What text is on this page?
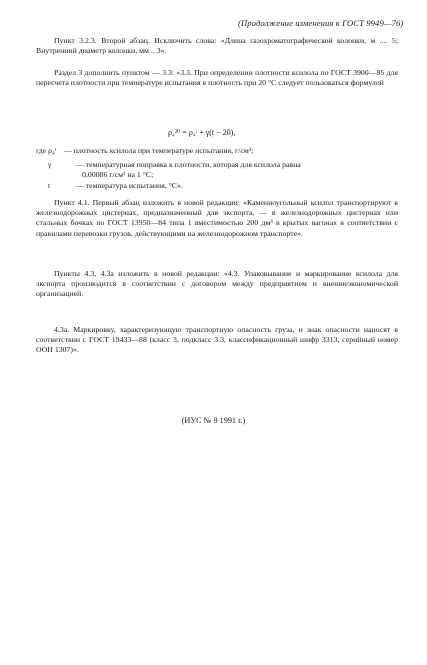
(Продолжение изменения к ГОСТ 9949—76)
Пункт 3.2.3. Второй абзац. Исключить слова: «Длина газохроматографической колонки, м .... 5; Внутренний диаметр колонки, мм .. 3».
Раздел 3 дополнить пунктом — 3.3: «3.3. При определении плотности ксилола по ГОСТ 3900—85 для пересчета плотности при температуре испытания в плотность при 20 °С следует пользоваться формулой
ρ₄²⁰ = ρ₄ᵗ + γ(t − 20),
где ρ₄ᵗ — плотность ксилола при температуре испытания, г/см³;
γ	— температурная поправка к плотности, которая для ксилола равна
0,00086 г/см³ на 1 °С;
t	— температура испытания, °С».
Пункт 4.1. Первый абзац изложить в новой редакции: «Каменноугольный ксилол транспортируют в железнодорожных цистернах, предназначенный для экспорта, — в железнодорожных цистернах или стальных бочках по ГОСТ 13950—84 типа 1 вместимостью 200 дм³ в крытых вагонах в соответствии с правилами перевозки грузов, действующими на железнодорожном транспорте».
Пункты 4.3, 4.3а изложить в новой редакции: «4.3. Упаковывание и маркирование ксилола для экспорта производится в соответствии с договором между предприятием и внешнеэкономической организацией.
4.3а. Маркировку, характеризующую транспортную опасность груза, и знак опасности наносят в соответствии с ГОСТ 19433—88 (класс 3, подкласс 3.3, классификационный шифр 3313, серийный номер ООН 1307)».
(ИУС № 9 1991 г.)
